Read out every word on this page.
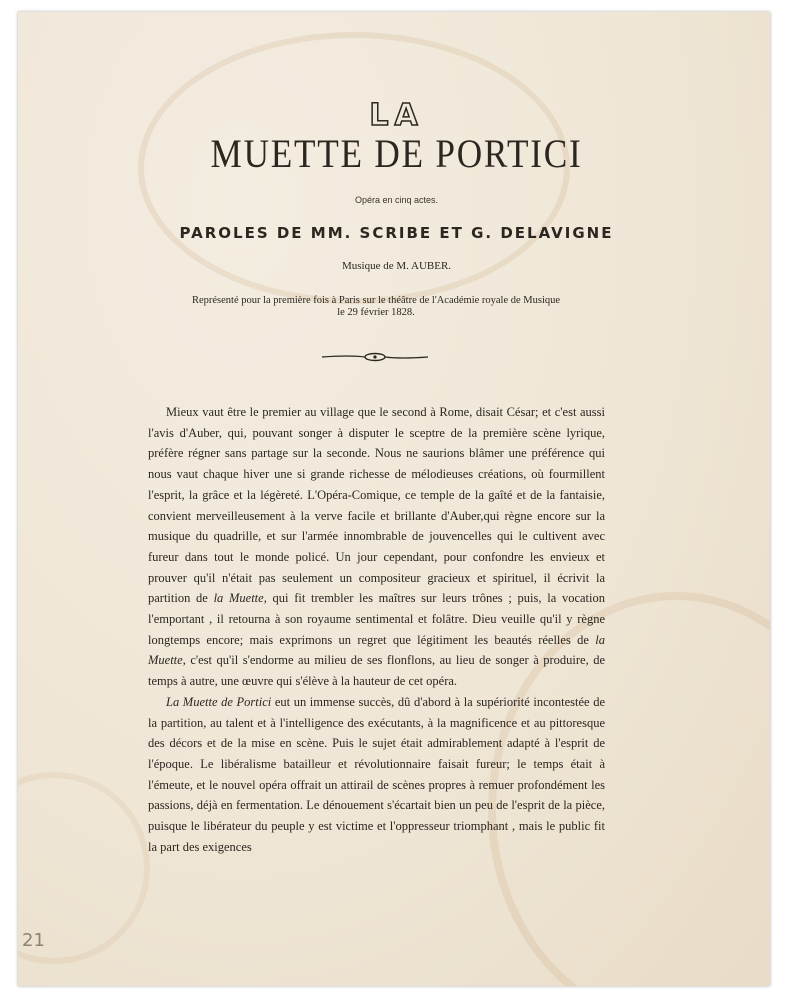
LA
MUETTE DE PORTICI
Opéra en cinq actes.
PAROLES DE MM. SCRIBE ET G. DELAVIGNE
Musique de M. AUBER.
Représenté pour la première fois à Paris sur le théâtre de l'Académie royale de Musique
le 29 février 1828.

Mieux vaut être le premier au village que le second à Rome, disait César; et c'est aussi l'avis d'Auber, qui, pouvant songer à disputer le sceptre de la première scène lyrique, préfère régner sans partage sur la seconde. Nous ne saurions blâmer une préférence qui nous vaut chaque hiver une si grande richesse de mélodieuses créations, où fourmillent l'esprit, la grâce et la légèreté. L'Opéra-Comique, ce temple de la gaîté et de la fantaisie, convient merveilleusement à la verve facile et brillante d'Auber,qui règne encore sur la musique du quadrille, et sur l'armée innombrable de jouvencelles qui le cultivent avec fureur dans tout le monde policé. Un jour cependant, pour confondre les envieux et prouver qu'il n'était pas seulement un compositeur gracieux et spirituel, il écrivit la partition de la Muette, qui fit trembler les maîtres sur leurs trônes ; puis, la vocation l'emportant , il retourna à son royaume sentimental et folâtre. Dieu veuille qu'il y règne longtemps encore; mais exprimons un regret que légitiment les beautés réelles de la Muette, c'est qu'il s'endorme au milieu de ses flonflons, au lieu de songer à produire, de temps à autre, une œuvre qui s'élève à la hauteur de cet opéra.

La Muette de Portici eut un immense succès, dû d'abord à la supériorité incontestée de la partition, au talent et à l'intelligence des exécutants, à la magnificence et au pittoresque des décors et de la mise en scène. Puis le sujet était admirablement adapté à l'esprit de l'époque. Le libéralisme batailleur et révolutionnaire faisait fureur; le temps était à l'émeute, et le nouvel opéra offrait un attirail de scènes propres à remuer profondément les passions, déjà en fermentation. Le dénouement s'écartait bien un peu de l'esprit de la pièce, puisque le libérateur du peuple y est victime et l'oppresseur triomphant , mais le public fit la part des exigences

21
